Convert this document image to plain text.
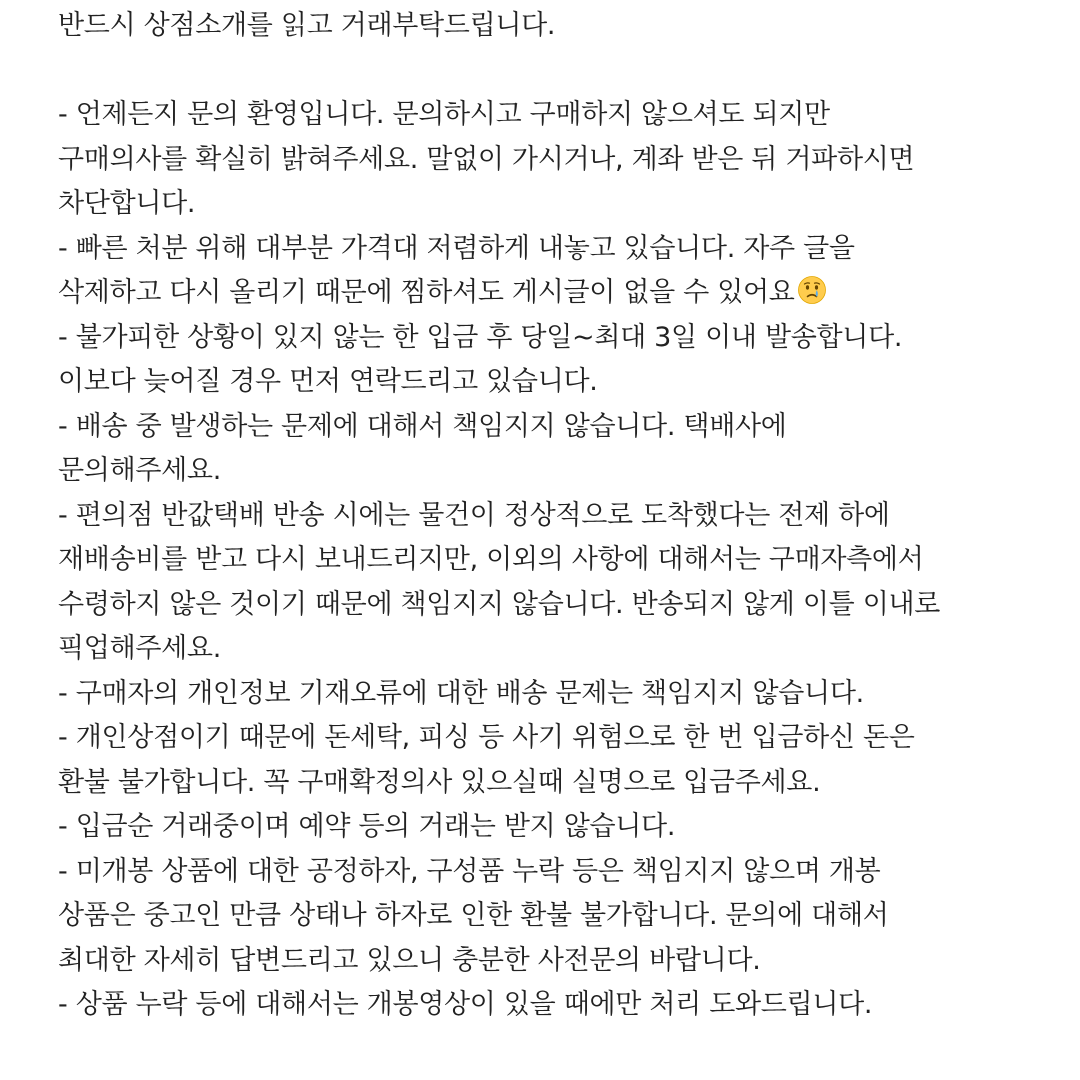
반드시 상점소개를 읽고 거래부탁드립니다.
- 언제든지 문의 환영입니다. 문의하시고 구매하지 않으셔도 되지만
구매의사를 확실히 밝혀주세요. 말없이 가시거나, 계좌 받은 뒤 거파하시면
차단합니다.
- 빠른 처분 위해 대부분 가격대 저렴하게 내놓고 있습니다. 자주 글을
삭제하고 다시 올리기 때문에 찜하셔도 게시글이 없을 수 있어요
- 불가피한 상황이 있지 않는 한 입금 후 당일~최대 3일 이내 발송합니다.
이보다 늦어질 경우 먼저 연락드리고 있습니다.
- 배송 중 발생하는 문제에 대해서 책임지지 않습니다. 택배사에
문의해주세요.
- 편의점 반값택배 반송 시에는 물건이 정상적으로 도착했다는 전제 하에
재배송비를 받고 다시 보내드리지만, 이외의 사항에 대해서는 구매자측에서
수령하지 않은 것이기 때문에 책임지지 않습니다. 반송되지 않게 이틀 이내로
픽업해주세요.
- 구매자의 개인정보 기재오류에 대한 배송 문제는 책임지지 않습니다.
- 개인상점이기 때문에 돈세탁, 피싱 등 사기 위험으로 한 번 입금하신 돈은
환불 불가합니다. 꼭 구매확정의사 있으실때 실명으로 입금주세요.
- 입금순 거래중이며 예약 등의 거래는 받지 않습니다.
- 미개봉 상품에 대한 공정하자, 구성품 누락 등은 책임지지 않으며 개봉
상품은 중고인 만큼 상태나 하자로 인한 환불 불가합니다. 문의에 대해서
최대한 자세히 답변드리고 있으니 충분한 사전문의 바랍니다.
- 상품 누락 등에 대해서는 개봉영상이 있을 때에만 처리 도와드립니다.
